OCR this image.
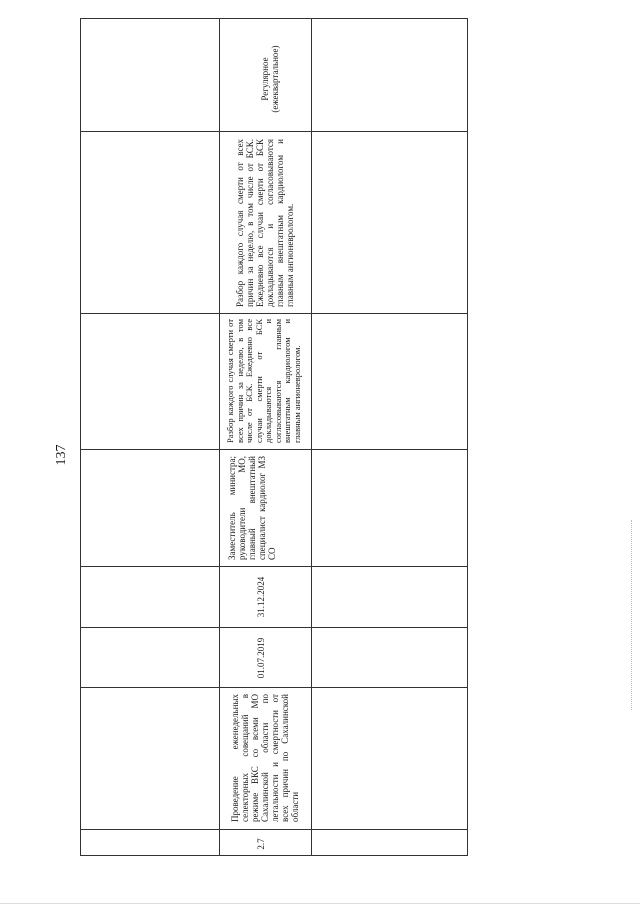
137
Регулярное (ежеквартальное)
Разбор каждого случая смерти от всех причин за неделю, в том числе от БСК. Ежедневно все случаи смерти от БСК докладываются и согласовываются главным внештатным кардиологом и главным ангионеврологом.
Разбор каждого случая смерти от всех причин за неделю, в том числе от БСК. Ежедневно все случаи смерти от БСК докладываются и согласовываются главным внештатным кардиологом и главным ангионеврологом.
Заместитель министра; руководители МО, главный внештатный специалист кардиолог МЗ СО
31.12.2024
01.07.2019
Проведение еженедельных селекторных совещаний в режиме ВКС со всеми МО Сахалинской области по летальности и смертности от всех причин по Сахалинской области
2.7
